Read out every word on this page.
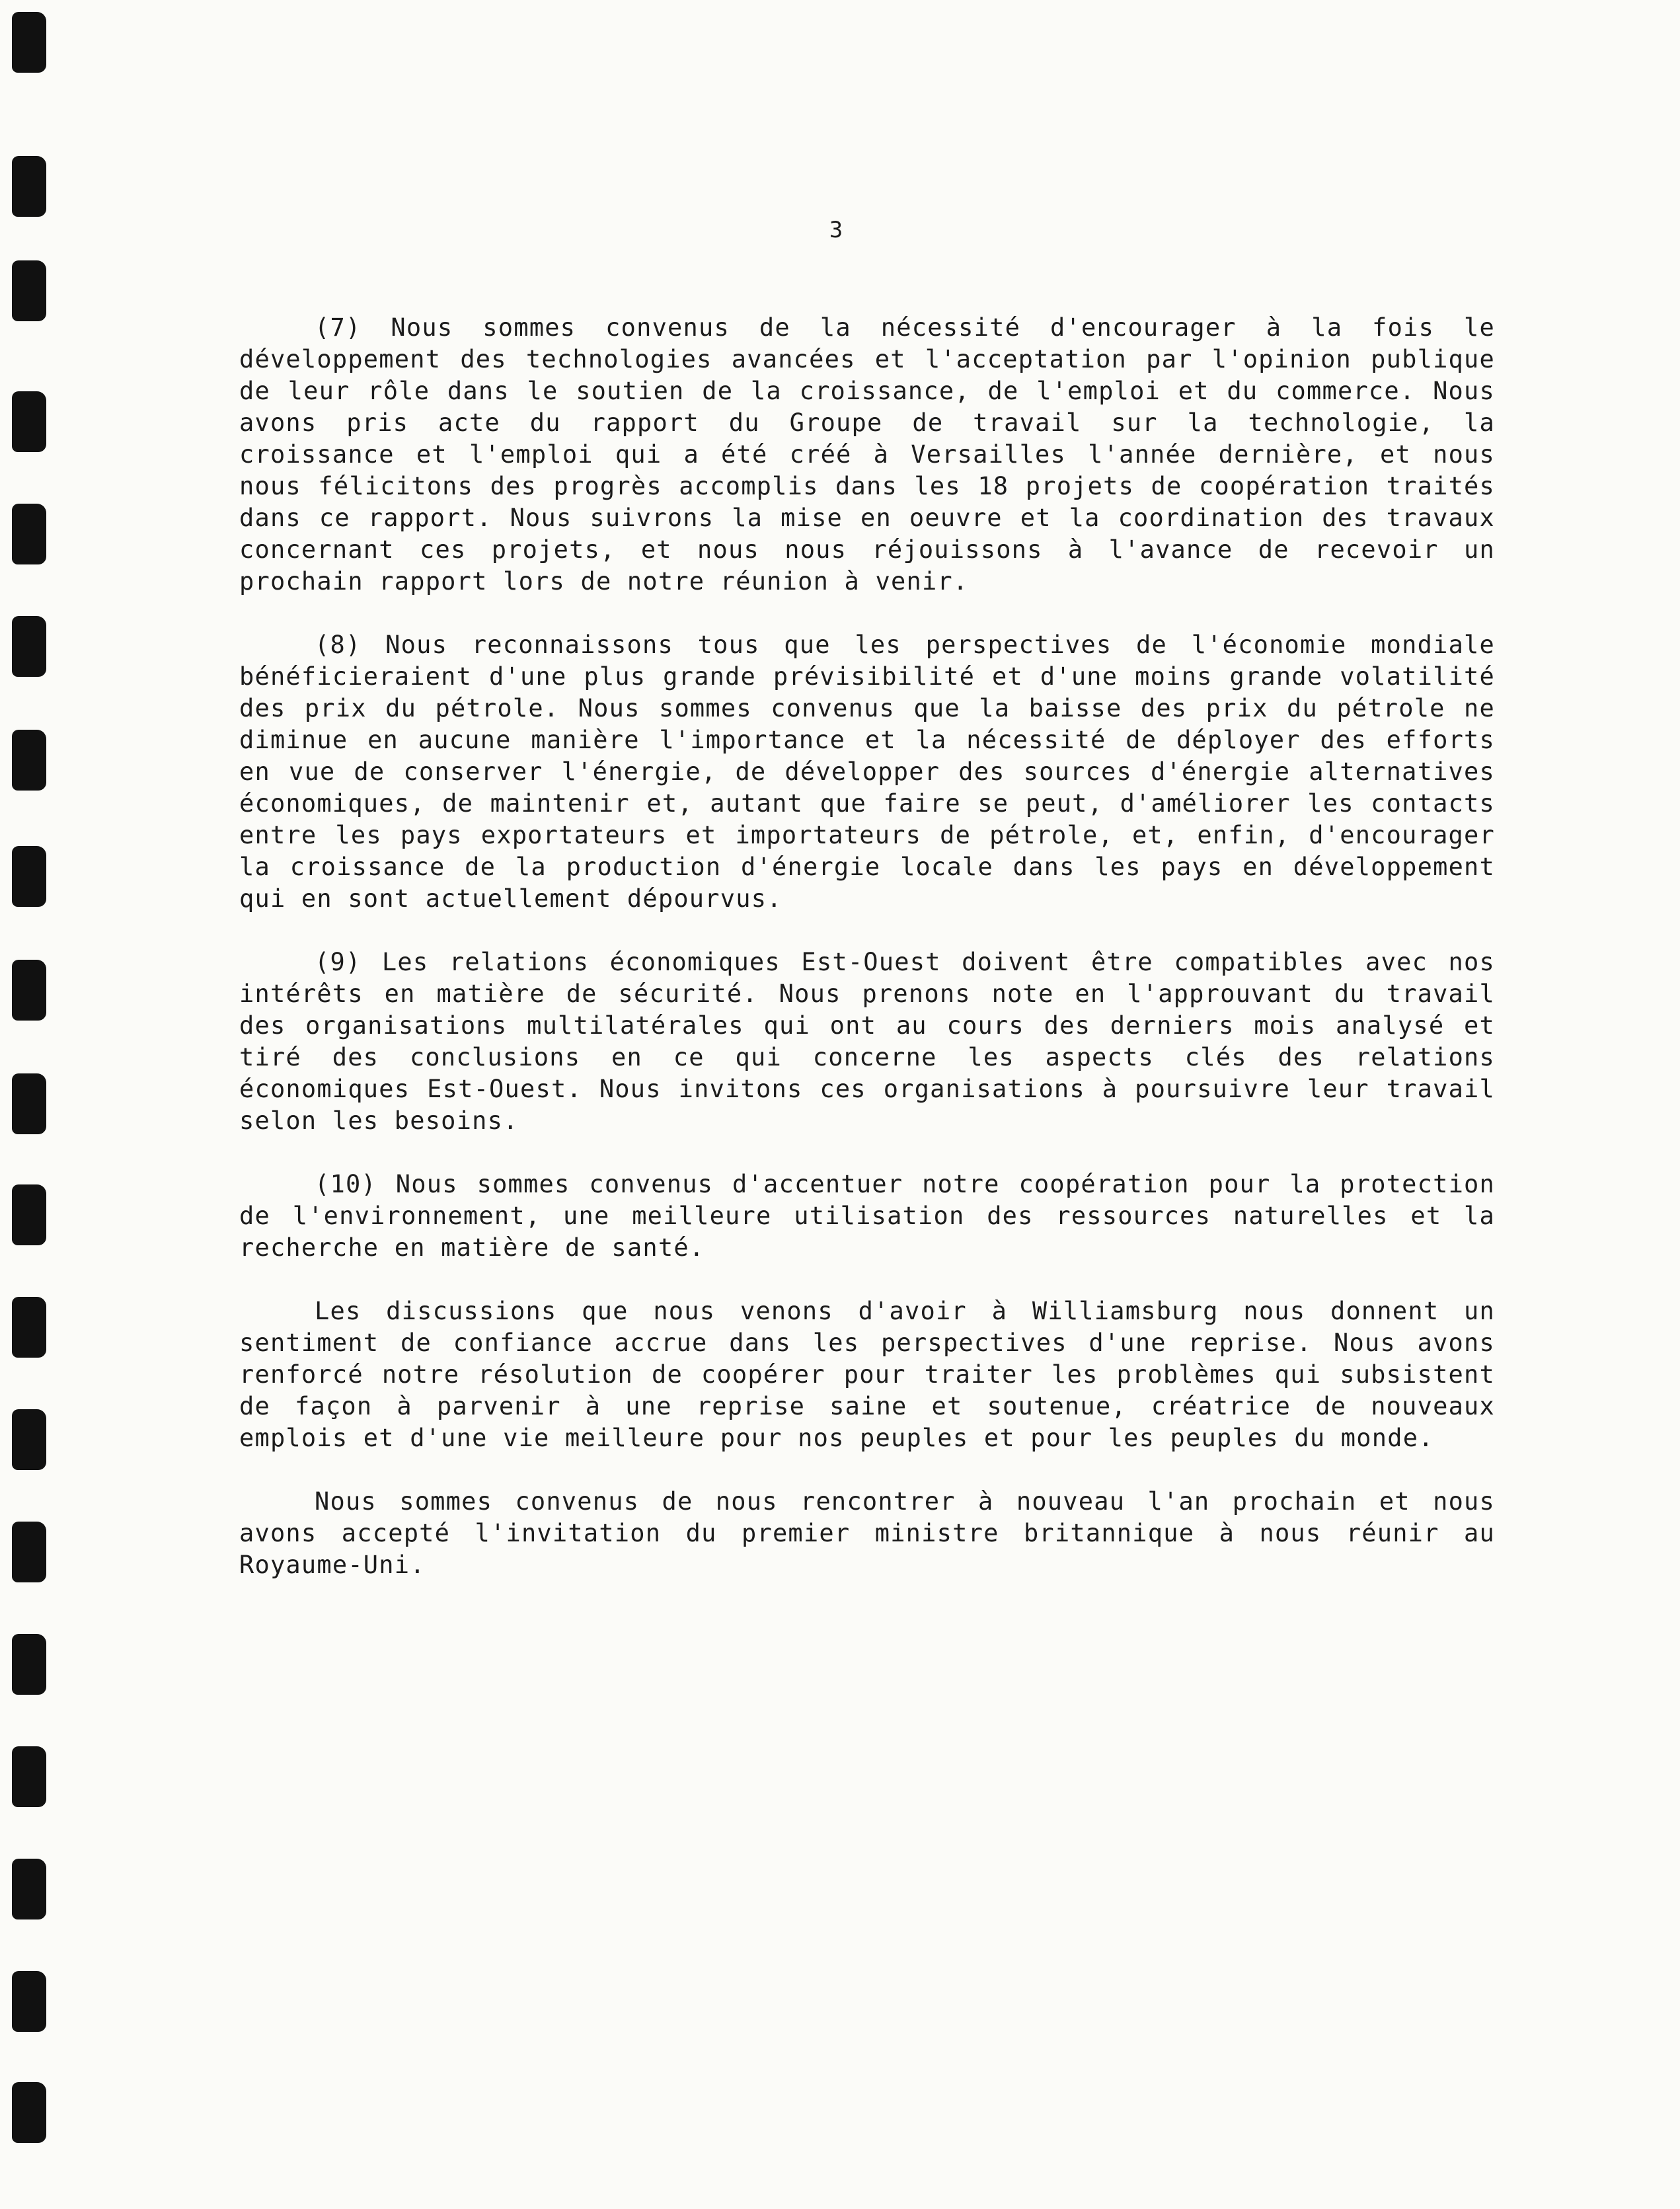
3

(7) Nous sommes convenus de la nécessité d'encourager à la fois le développement des technologies avancées et l'acceptation par l'opinion publique de leur rôle dans le soutien de la croissance, de l'emploi et du commerce. Nous avons pris acte du rapport du Groupe de travail sur la technologie, la croissance et l'emploi qui a été créé à Versailles l'année dernière, et nous nous félicitons des progrès accomplis dans les 18 projets de coopération traités dans ce rapport. Nous suivrons la mise en oeuvre et la coordination des travaux concernant ces projets, et nous nous réjouissons à l'avance de recevoir un prochain rapport lors de notre réunion à venir.

(8) Nous reconnaissons tous que les perspectives de l'économie mondiale bénéficieraient d'une plus grande prévisibilité et d'une moins grande volatilité des prix du pétrole. Nous sommes convenus que la baisse des prix du pétrole ne diminue en aucune manière l'importance et la nécessité de déployer des efforts en vue de conserver l'énergie, de développer des sources d'énergie alternatives économiques, de maintenir et, autant que faire se peut, d'améliorer les contacts entre les pays exportateurs et importateurs de pétrole, et, enfin, d'encourager la croissance de la production d'énergie locale dans les pays en développement qui en sont actuellement dépourvus.

(9) Les relations économiques Est-Ouest doivent être compatibles avec nos intérêts en matière de sécurité. Nous prenons note en l'approuvant du travail des organisations multilatérales qui ont au cours des derniers mois analysé et tiré des conclusions en ce qui concerne les aspects clés des relations économiques Est-Ouest. Nous invitons ces organisations à poursuivre leur travail selon les besoins.

(10) Nous sommes convenus d'accentuer notre coopération pour la protection de l'environnement, une meilleure utilisation des ressources naturelles et la recherche en matière de santé.

Les discussions que nous venons d'avoir à Williamsburg nous donnent un sentiment de confiance accrue dans les perspectives d'une reprise. Nous avons renforcé notre résolution de coopérer pour traiter les problèmes qui subsistent de façon à parvenir à une reprise saine et soutenue, créatrice de nouveaux emplois et d'une vie meilleure pour nos peuples et pour les peuples du monde.

Nous sommes convenus de nous rencontrer à nouveau l'an prochain et nous avons accepté l'invitation du premier ministre britannique à nous réunir au Royaume-Uni.
